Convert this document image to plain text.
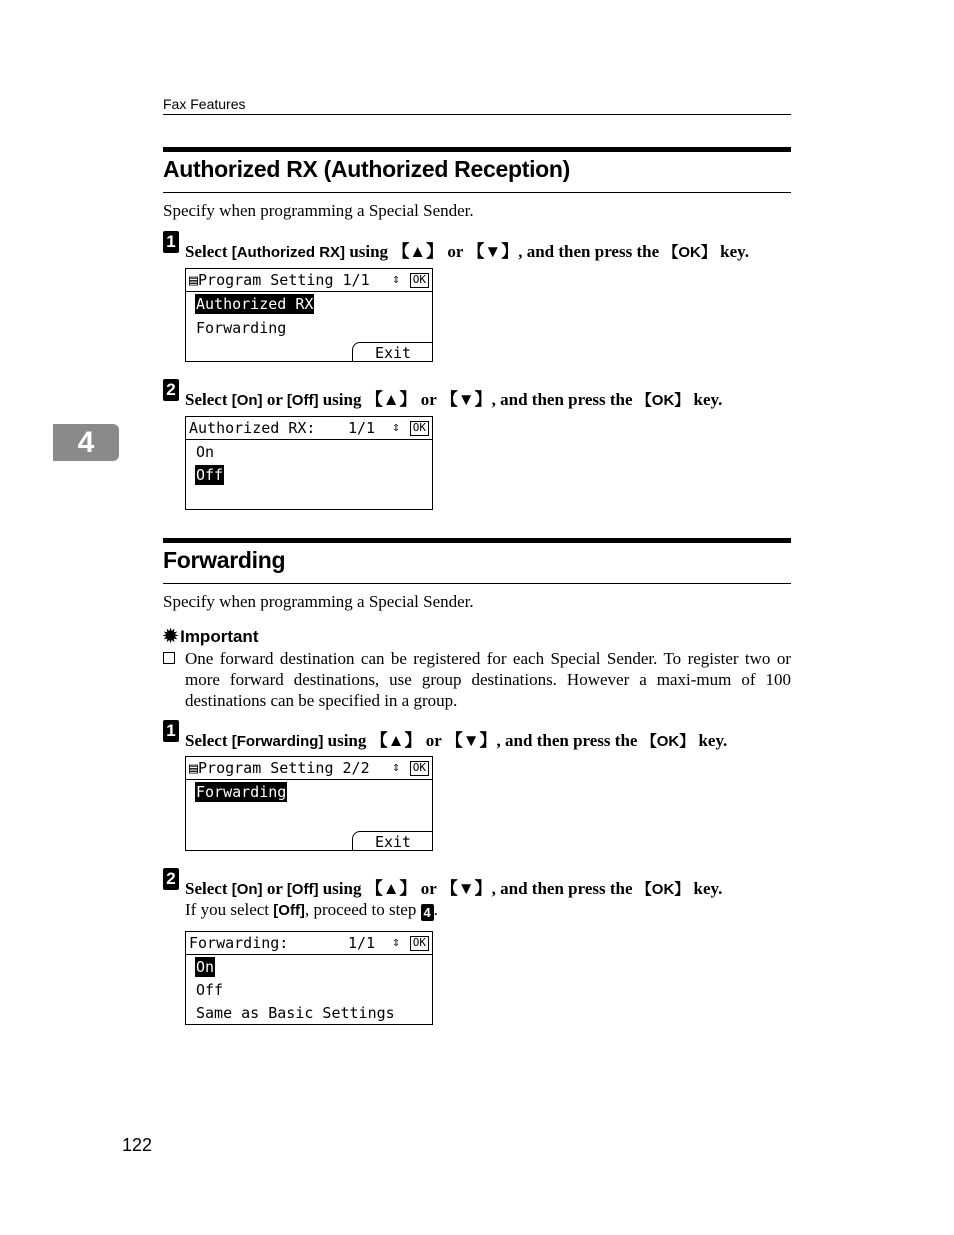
Fax Features
4
Authorized RX (Authorized Reception)
Specify when programming a Special Sender.
1
Select [Authorized RX] using 【▲】 or 【▼】, and then press the 【OK】 key.
▤Program Setting 1/1 ⇕ OK
Authorized RX
Forwarding
Exit
2
Select [On] or [Off] using 【▲】 or 【▼】, and then press the 【OK】 key.
Authorized RX: 1/1 ⇕ OK
On
Off
Forwarding
Specify when programming a Special Sender.
✹ Important
One forward destination can be registered for each Special Sender. To register two or more forward destinations, use group destinations. However a maxi-mum of 100 destinations can be specified in a group.
1
Select [Forwarding] using 【▲】 or 【▼】, and then press the 【OK】 key.
▤Program Setting 2/2 ⇕ OK
Forwarding
Exit
2
Select [On] or [Off] using 【▲】 or 【▼】, and then press the 【OK】 key.
If you select [Off], proceed to step 4 .
Forwarding:	1/1 ⇕ OK
On
Off
Same as Basic Settings
122
